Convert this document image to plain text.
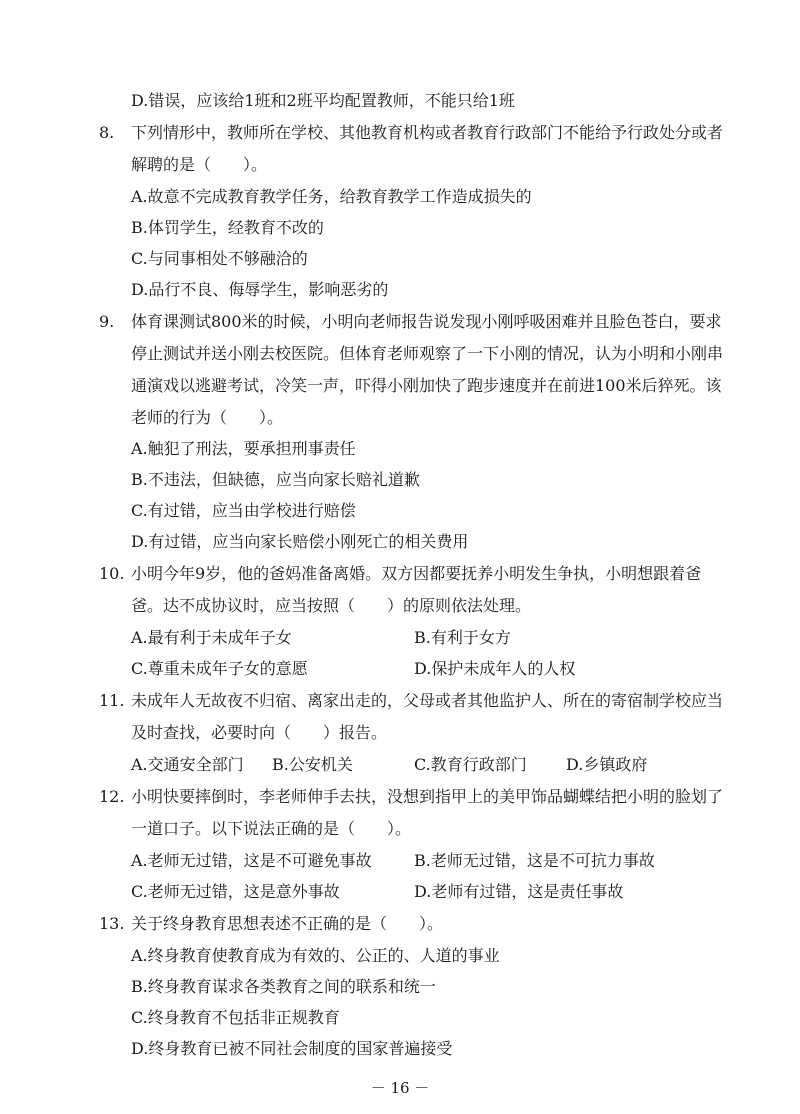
D.错误，应该给1班和2班平均配置教师，不能只给1班
8. 下列情形中，教师所在学校、其他教育机构或者教育行政部门不能给予行政处分或者
解聘的是（　　）。
A.故意不完成教育教学任务，给教育教学工作造成损失的
B.体罚学生，经教育不改的
C.与同事相处不够融洽的
D.品行不良、侮辱学生，影响恶劣的
9. 体育课测试800米的时候，小明向老师报告说发现小刚呼吸困难并且脸色苍白，要求
停止测试并送小刚去校医院。但体育老师观察了一下小刚的情况，认为小明和小刚串
通演戏以逃避考试，冷笑一声，吓得小刚加快了跑步速度并在前进100米后猝死。该
老师的行为（　　）。
A.触犯了刑法，要承担刑事责任
B.不违法，但缺德，应当向家长赔礼道歉
C.有过错，应当由学校进行赔偿
D.有过错，应当向家长赔偿小刚死亡的相关费用
10. 小明今年9岁，他的爸妈准备离婚。双方因都要抚养小明发生争执，小明想跟着爸
爸。达不成协议时，应当按照（　　）的原则依法处理。
A.最有利于未成年子女	B.有利于女方
C.尊重未成年子女的意愿	D.保护未成年人的人权
11. 未成年人无故夜不归宿、离家出走的，父母或者其他监护人、所在的寄宿制学校应当
及时查找，必要时向（　　）报告。
A.交通安全部门 B.公安机关	C.教育行政部门 D.乡镇政府
12. 小明快要摔倒时，李老师伸手去扶，没想到指甲上的美甲饰品蝴蝶结把小明的脸划了
一道口子。以下说法正确的是（　　）。
A.老师无过错，这是不可避免事故	B.老师无过错，这是不可抗力事故
C.老师无过错，这是意外事故	D.老师有过错，这是责任事故
13. 关于终身教育思想表述不正确的是（　　）。
A.终身教育使教育成为有效的、公正的、人道的事业
B.终身教育谋求各类教育之间的联系和统一
C.终身教育不包括非正规教育
D.终身教育已被不同社会制度的国家普遍接受
－ 16 －
